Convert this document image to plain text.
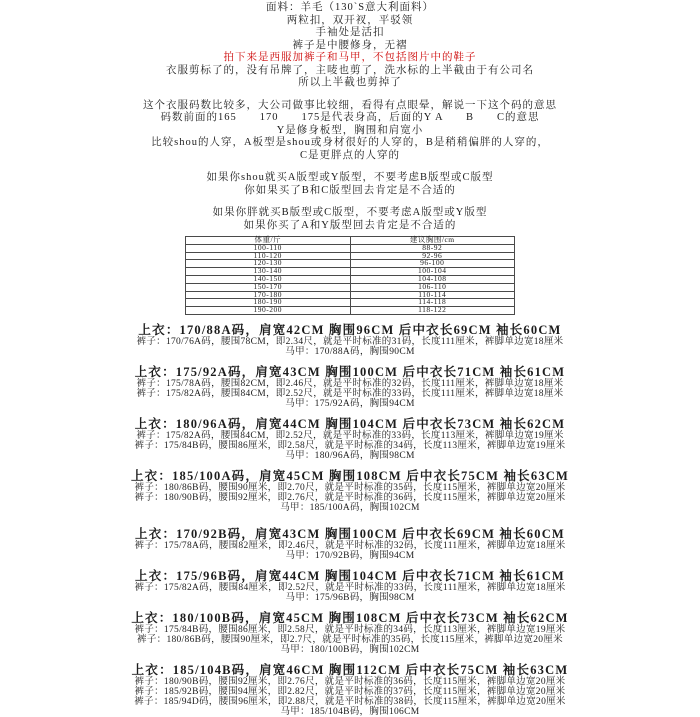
面料：羊毛（130`S意大利面料）
两粒扣，双开衩，平驳领
手袖处是活扣
裤子是中腰修身，无褶
拍下来是西服加裤子和马甲，不包括图片中的鞋子
衣服剪标了的，没有吊牌了，主唛也剪了，洗水标的上半截由于有公司名
所以上半截也剪掉了
这个衣服码数比较多，大公司做事比较细，看得有点眼晕，解说一下这个码的意思
码数前面的165　　170　　175是代表身高，后面的Y A　　B　　C的意思
Y是修身板型，胸围和肩宽小
比较shou的人穿，A板型是shou或身材很好的人穿的，B是稍稍偏胖的人穿的，
C是更胖点的人穿的
如果你shou就买A版型或Y版型，不要考虑B版型或C版型
你如果买了B和C版型回去肯定是不合适的
如果你胖就买B版型或C版型，不要考虑A版型或Y版型
如果你买了A和Y版型回去肯定是不合适的
体重/斤	建议胸围/cm
100-110	88-92
110-120	92-96
120-130	96-100
130-140	100-104
140-150	104-108
150-170	106-110
170-180	110-114
180-190	114-118
190-200	118-122
上衣：170/88A码，肩宽42CM 胸围96CM 后中衣长69CM 袖长60CM
裤子：170/76A码，腰围78CM，即2.34尺，就是平时标准的31码，长度111厘米，裤脚单边宽18厘米
马甲：170/88A码，胸围90CM
上衣：175/92A码，肩宽43CM 胸围100CM 后中衣长71CM 袖长61CM
裤子：175/78A码，腰围82CM，即2.46尺，就是平时标准的32码，长度111厘米，裤脚单边宽18厘米
裤子：175/82A码，腰围84CM，即2.52尺，就是平时标准的33码，长度111厘米，裤脚单边宽18厘米
马甲：175/92A码，胸围94CM
上衣：180/96A码，肩宽44CM 胸围104CM 后中衣长73CM 袖长62CM
裤子：175/82A码，腰围84CM，即2.52尺，就是平时标准的33码，长度113厘米，裤脚单边宽19厘米
裤子：175/84B码，腰围86厘米，即2.58尺，就是平时标准的34码，长度113厘米，裤脚单边宽19厘米
马甲：180/96A码，胸围98CM
上衣：185/100A码，肩宽45CM 胸围108CM 后中衣长75CM 袖长63CM
裤子：180/86B码，腰围90厘米，即2.70尺，就是平时标准的35码，长度115厘米，裤脚单边宽20厘米
裤子：180/90B码，腰围92厘米，即2.76尺，就是平时标准的36码，长度115厘米，裤脚单边宽20厘米
马甲：185/100A码，胸围102CM
上衣：170/92B码，肩宽43CM 胸围100CM 后中衣长69CM 袖长60CM
裤子：175/78A码，腰围82厘米，即2.46尺，就是平时标准的32码，长度111厘米，裤脚单边宽18厘米
马甲：170/92B码，胸围94CM
上衣：175/96B码，肩宽44CM 胸围104CM 后中衣长71CM 袖长61CM
裤子：175/82A码，腰围84厘米，即2.52尺，就是平时标准的33码，长度111厘米，裤脚单边宽18厘米
马甲：175/96B码，胸围98CM
上衣：180/100B码，肩宽45CM 胸围108CM 后中衣长73CM 袖长62CM
裤子：175/84B码，腰围86厘米，即2.58尺，就是平时标准的34码，长度113厘米，裤脚单边宽19厘米
裤子：180/86B码，腰围90厘米，即2.7尺，就是平时标准的35码，长度115厘米，裤脚单边宽20厘米
马甲：180/100B码，胸围102CM
上衣：185/104B码，肩宽46CM 胸围112CM 后中衣长75CM 袖长63CM
裤子：180/90B码，腰围92厘米，即2.76尺，就是平时标准的36码，长度115厘米，裤脚单边宽20厘米
裤子：185/92B码，腰围94厘米，即2.82尺，就是平时标准的37码，长度115厘米，裤脚单边宽20厘米
裤子：185/94D码，腰围96厘米，即2.88尺，就是平时标准的38码，长度115厘米，裤脚单边宽20厘米
马甲：185/104B码，胸围106CM
